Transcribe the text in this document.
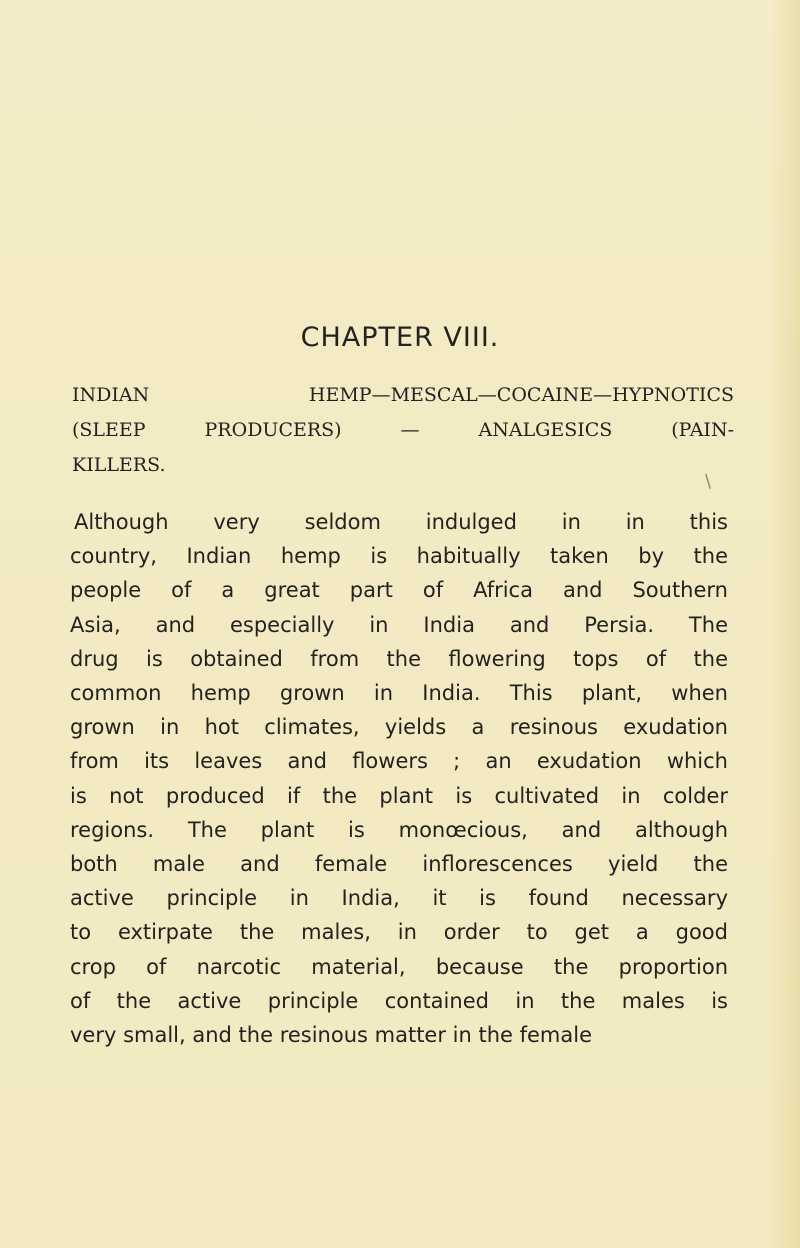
CHAPTER VIII.
INDIAN HEMP—MESCAL—COCAINE—HYPNOTICS
(SLEEP PRODUCERS) — ANALGESICS (PAIN-
KILLERS.
\
Although very seldom indulged in in this
country, Indian hemp is habitually taken by the
people of a great part of Africa and Southern
Asia, and especially in India and Persia. The
drug is obtained from the flowering tops of the
common hemp grown in India. This plant, when
grown in hot climates, yields a resinous exudation
from its leaves and flowers ; an exudation which
is not produced if the plant is cultivated in colder
regions. The plant is monœcious, and although
both male and female inflorescences yield the
active principle in India, it is found necessary
to extirpate the males, in order to get a good
crop of narcotic material, because the proportion
of the active principle contained in the males is
very small, and the resinous matter in the female
